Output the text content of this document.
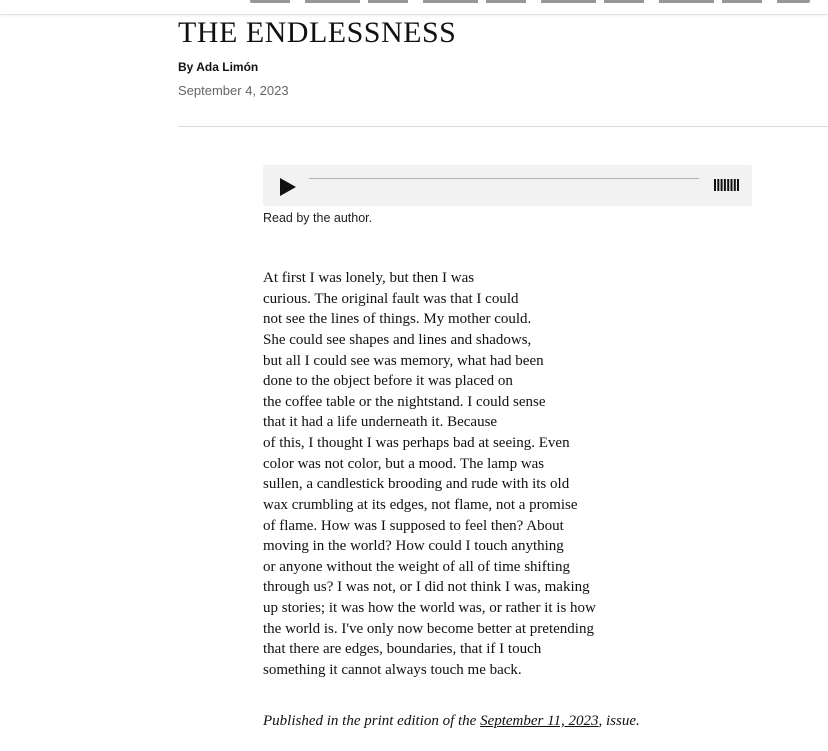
THE ENDLESSNESS
By Ada Limón
September 4, 2023
Read by the author.
At first I was lonely, but then I was
curious. The original fault was that I could
not see the lines of things. My mother could.
She could see shapes and lines and shadows,
but all I could see was memory, what had been
done to the object before it was placed on
the coffee table or the nightstand. I could sense
that it had a life underneath it. Because
of this, I thought I was perhaps bad at seeing. Even
color was not color, but a mood. The lamp was
sullen, a candlestick brooding and rude with its old
wax crumbling at its edges, not flame, not a promise
of flame. How was I supposed to feel then? About
moving in the world? How could I touch anything
or anyone without the weight of all of time shifting
through us? I was not, or I did not think I was, making
up stories; it was how the world was, or rather it is how
the world is. I've only now become better at pretending
that there are edges, boundaries, that if I touch
something it cannot always touch me back.
Published in the print edition of the September 11, 2023, issue.
